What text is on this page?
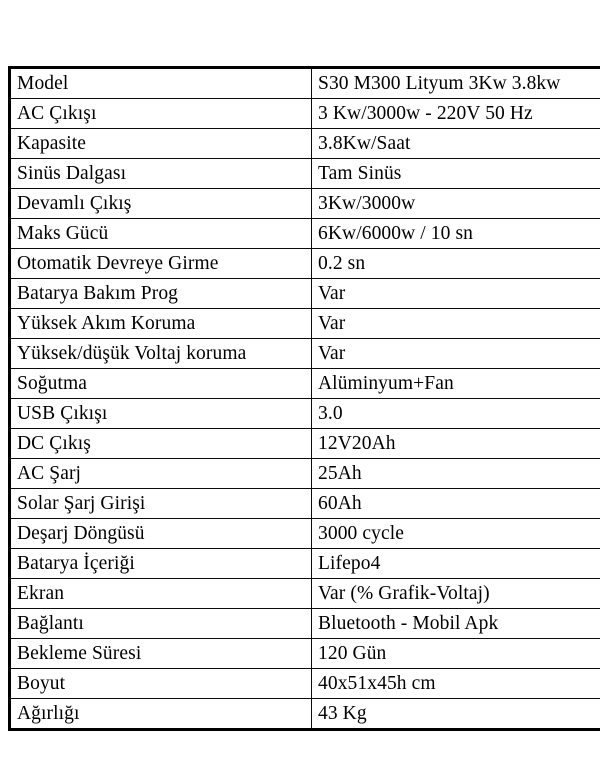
Model	S30 M300 Lityum 3Kw 3.8kw
AC Çıkışı	3 Kw/3000w - 220V 50 Hz
Kapasite	3.8Kw/Saat
Sinüs Dalgası	Tam Sinüs
Devamlı Çıkış	3Kw/3000w
Maks Gücü	6Kw/6000w / 10 sn
Otomatik Devreye Girme	0.2 sn
Batarya Bakım Prog	Var
Yüksek Akım Koruma	Var
Yüksek/düşük Voltaj koruma	Var
Soğutma	Alüminyum+Fan
USB Çıkışı	3.0
DC Çıkış	12V20Ah
AC Şarj	25Ah
Solar Şarj Girişi	60Ah
Deşarj Döngüsü	3000 cycle
Batarya İçeriği	Lifepo4
Ekran	Var (% Grafik-Voltaj)
Bağlantı	Bluetooth - Mobil Apk
Bekleme Süresi	120 Gün
Boyut	40x51x45h cm
Ağırlığı	43 Kg
